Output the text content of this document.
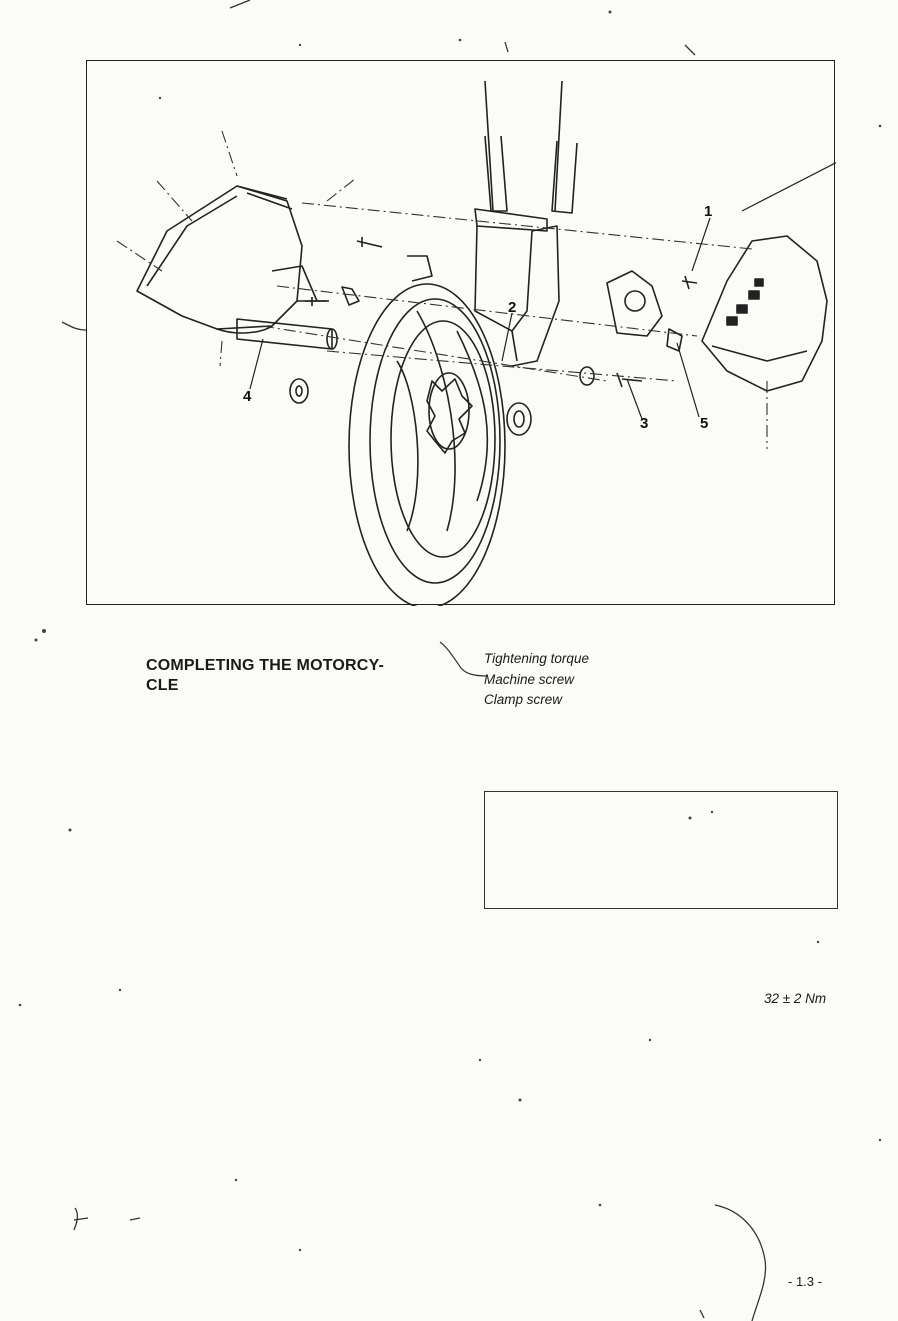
1
2
3
4
5
COMPLETING THE MOTORCY-
CLE
Tightening torque
Machine screw
Clamp screw
32 ± 2 Nm
- 1.3 -
